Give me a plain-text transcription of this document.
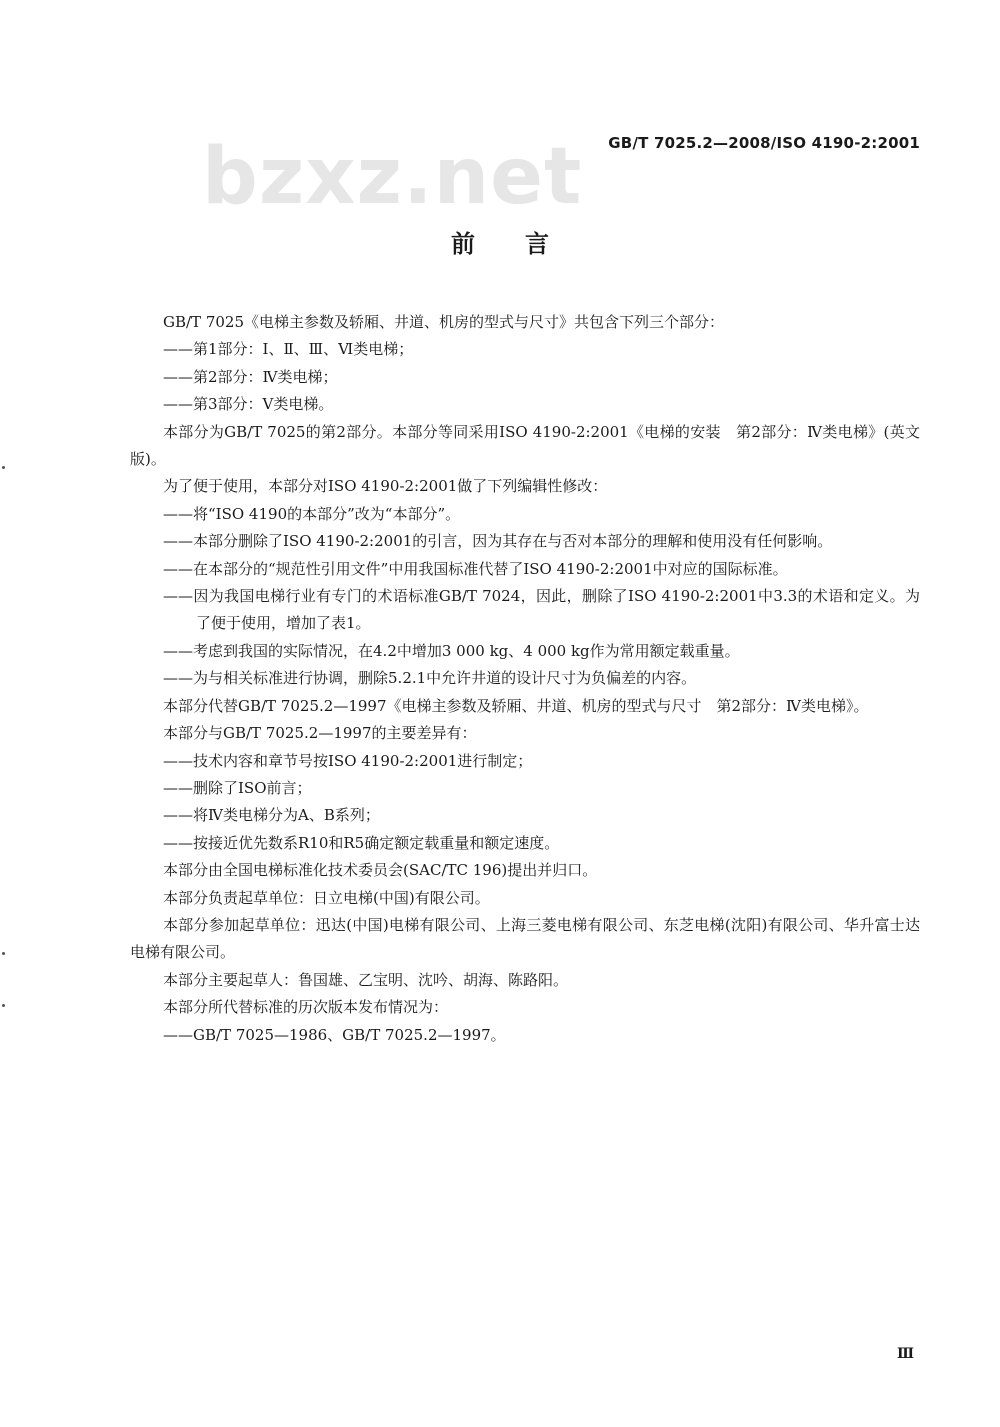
GB/T 7025.2—2008/ISO 4190-2:2001
bzxz.net
前言

GB/T 7025《电梯主参数及轿厢、井道、机房的型式与尺寸》共包含下列三个部分：

——第1部分：Ⅰ、Ⅱ、Ⅲ、Ⅵ类电梯；

——第2部分：Ⅳ类电梯；

——第3部分：Ⅴ类电梯。

本部分为GB/T 7025的第2部分。本部分等同采用ISO 4190-2:2001《电梯的安装　第2部分：Ⅳ类电梯》(英文版)。

为了便于使用，本部分对ISO 4190-2:2001做了下列编辑性修改：

——将“ISO 4190的本部分”改为“本部分”。

——本部分删除了ISO 4190-2:2001的引言，因为其存在与否对本部分的理解和使用没有任何影响。

——在本部分的“规范性引用文件”中用我国标准代替了ISO 4190-2:2001中对应的国际标准。

——因为我国电梯行业有专门的术语标准GB/T 7024，因此，删除了ISO 4190-2:2001中3.3的术语和定义。为了便于使用，增加了表1。

——考虑到我国的实际情况，在4.2中增加3 000 kg、4 000 kg作为常用额定载重量。

——为与相关标准进行协调，删除5.2.1中允许井道的设计尺寸为负偏差的内容。

本部分代替GB/T 7025.2—1997《电梯主参数及轿厢、井道、机房的型式与尺寸　第2部分：Ⅳ类电梯》。

本部分与GB/T 7025.2—1997的主要差异有：

——技术内容和章节号按ISO 4190-2:2001进行制定；

——删除了ISO前言；

——将Ⅳ类电梯分为A、B系列；

——按接近优先数系R10和R5确定额定载重量和额定速度。

本部分由全国电梯标准化技术委员会(SAC/TC 196)提出并归口。

本部分负责起草单位：日立电梯(中国)有限公司。

本部分参加起草单位：迅达(中国)电梯有限公司、上海三菱电梯有限公司、东芝电梯(沈阳)有限公司、华升富士达电梯有限公司。

本部分主要起草人：鲁国雄、乙宝明、沈吟、胡海、陈路阳。

本部分所代替标准的历次版本发布情况为：

——GB/T 7025—1986、GB/T 7025.2—1997。

Ⅲ
